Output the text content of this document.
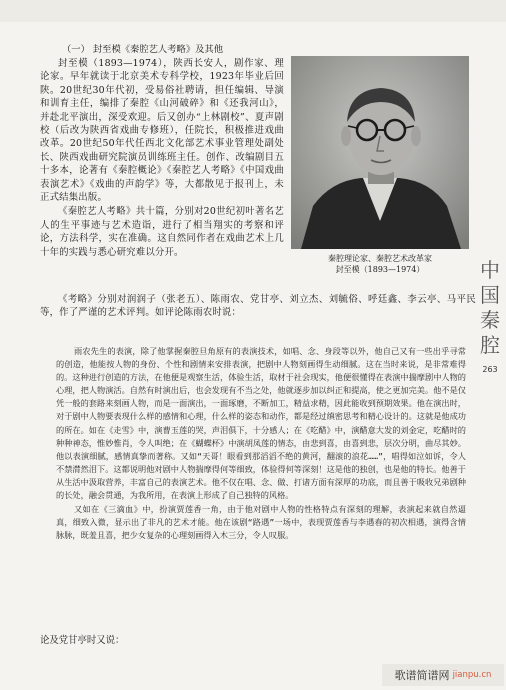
（一） 封至模《秦腔艺人考略》及其他

封至模（1893—1974），陕西长安人，剧作家、理论家。早年就读于北京美术专科学校，1923年毕业后回陕。20世纪30年代初，受易俗社聘请，担任编辑、导演和训育主任，编排了秦腔《山河破碎》和《还我河山》，并赴北平演出，深受欢迎。后又创办“上林剧校”、夏声剧校（后改为陕西省戏曲专修班），任院长，积极推进戏曲改革。20世纪50年代任西北文化部艺术事业管理处副处长、陕西戏曲研究院演员训练班主任。创作、改编剧目五十多本，论著有《秦腔概论》《秦腔艺人考略》《中国戏曲表演艺术》《戏曲的声韵学》等，大都散见于报刊上，未正式结集出版。

《秦腔艺人考略》共十篇，分别对20世纪初叶著名艺人的生平事迹与艺术造诣，进行了相当翔实的考察和评论，方法科学，实在准确。这自然同作者在戏曲艺术上几十年的实践与悉心研究难以分开。

秦腔理论家、秦腔艺术改革家
封至模（1893—1974）

《考略》分别对润润子（张老五）、陈雨农、党甘亭、刘立杰、刘毓俗、呼廷鑫、李云亭、马平民等，作了严谨的艺术评判。如评论陈雨农时说：

雨农先生的表演，除了他掌握秦腔旦角原有的表演技术，如唱、念、身段等以外，他自己又有一些出乎寻常的创造，他能按人物的身份、个性和剧情来安排表演，把剧中人物刻画得生动细腻。这在当时来说，是非常难得的。这种进行创造的方法，在他便是观察生活，体验生活，取材于社会现实，他便很懂得在表演中揣摩剧中人物的心理，把人物演活。自然有时演出后，也会发现有不当之处，他就逐步加以纠正和提高，使之更加完美。他不是仅凭一般的套路来刻画人物，而是一面演出，一面琢磨，不断加工，精益求精，因此能收到预期效果。他在演出时，对于剧中人物要表现什么样的感情和心理，什么样的姿态和动作，都是经过缜密思考和精心设计的。这就是他成功的所在。如在《走雪》中，演曹玉莲的哭，声泪俱下，十分感人；在《吃醋》中，演醋意大发的刘金定，吃醋时的种种神态，惟妙惟肖，令人叫绝；在《蝴蝶杯》中演胡凤莲的情态，由悲到喜，由喜到悲，层次分明，曲尽其妙。他以表演细腻，感情真挚而著称。又如“天哥！眼看到那滔滔不绝的黄河，翻滚的浪花……”，唱得如泣如诉，令人不禁潸然泪下。这都说明他对剧中人物揣摩得何等细致，体验得何等深刻！这是他的独创，也是他的特长。他善于从生活中汲取营养，丰富自己的表演艺术。他不仅在唱、念、做、打诸方面有深厚的功底，而且善于吸收兄弟剧种的长处，融会贯通，为我所用，在表演上形成了自己独特的风格。

又如在《三滴血》中，扮演贾莲香一角，由于他对剧中人物的性格特点有深刻的理解，表演起来就自然逼真，细致入微，显示出了非凡的艺术才能。他在该剧“路遇”一场中，表现贾莲香与李遇春的初次相遇，演得含情脉脉，既羞且喜，把少女复杂的心理刻画得入木三分，令人叹服。

论及党甘亭时又说：
中
国
秦
腔
263
歌谱简谱网 jianpu.cn
